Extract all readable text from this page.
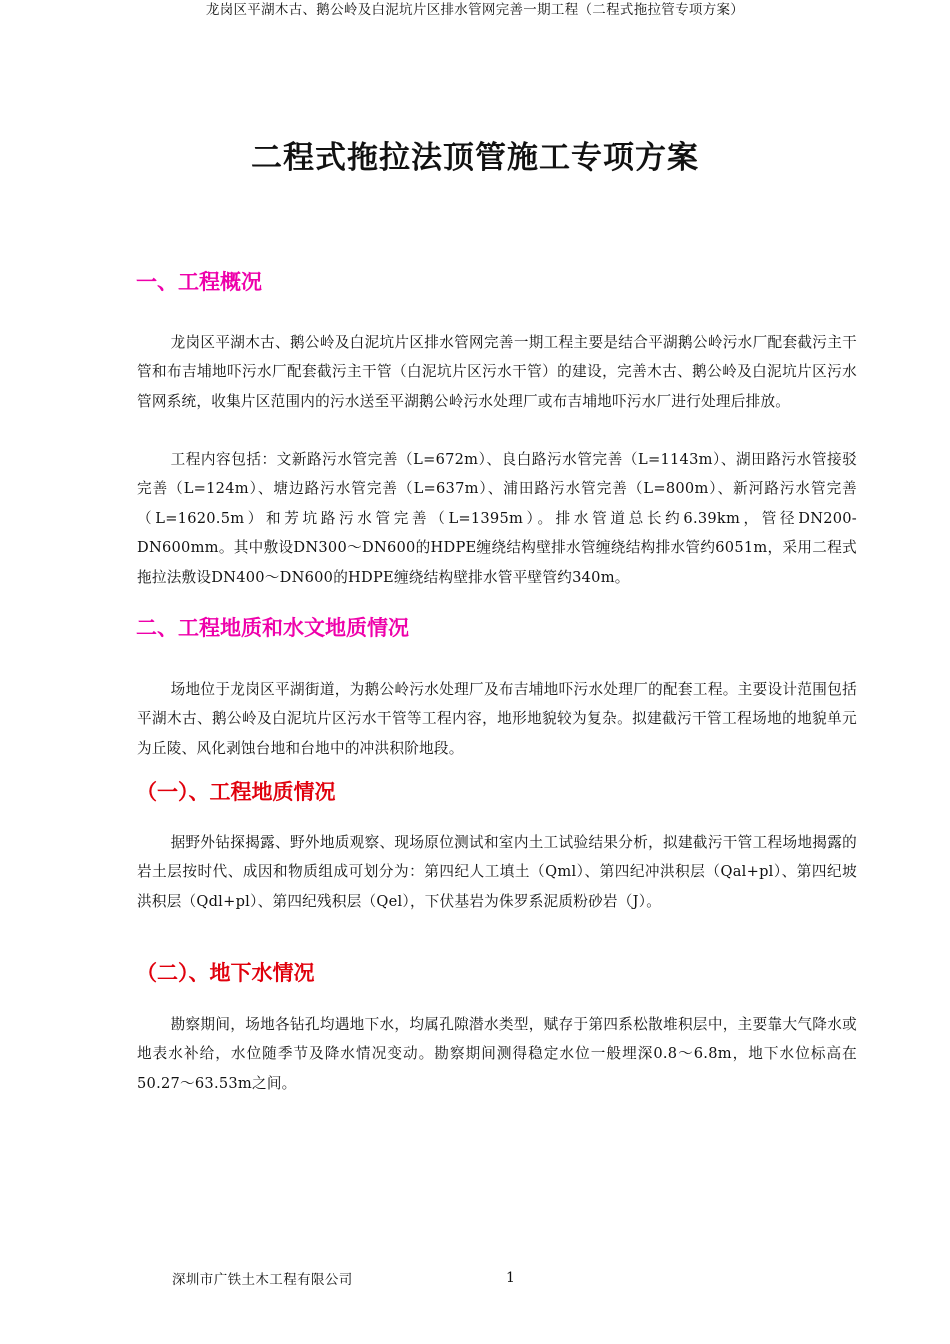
龙岗区平湖木古、鹅公岭及白泥坑片区排水管网完善一期工程（二程式拖拉管专项方案）
二程式拖拉法顶管施工专项方案
一、工程概况

龙岗区平湖木古、鹅公岭及白泥坑片区排水管网完善一期工程主要是结合平湖鹅公岭污水厂配套截污主干管和布吉埔地吓污水厂配套截污主干管（白泥坑片区污水干管）的建设，完善木古、鹅公岭及白泥坑片区污水管网系统，收集片区范围内的污水送至平湖鹅公岭污水处理厂或布吉埔地吓污水厂进行处理后排放。

工程内容包括：文新路污水管完善（L=672m）、良白路污水管完善（L=1143m）、湖田路污水管接驳完善（L=124m）、塘边路污水管完善（L=637m）、浦田路污水管完善（L=800m）、新河路污水管完善（L=1620.5m）和芳坑路污水管完善（L=1395m）。排水管道总长约6.39km，管径DN200-DN600mm。其中敷设DN300～DN600的HDPE缠绕结构壁排水管缠绕结构排水管约6051m，采用二程式拖拉法敷设DN400～DN600的HDPE缠绕结构壁排水管平壁管约340m。

二、工程地质和水文地质情况

场地位于龙岗区平湖街道，为鹅公岭污水处理厂及布吉埔地吓污水处理厂的配套工程。主要设计范围包括平湖木古、鹅公岭及白泥坑片区污水干管等工程内容，地形地貌较为复杂。拟建截污干管工程场地的地貌单元为丘陵、风化剥蚀台地和台地中的冲洪积阶地段。

（一）、工程地质情况

据野外钻探揭露、野外地质观察、现场原位测试和室内土工试验结果分析，拟建截污干管工程场地揭露的岩土层按时代、成因和物质组成可划分为：第四纪人工填土（Qml）、第四纪冲洪积层（Qal+pl）、第四纪坡洪积层（Qdl+pl）、第四纪残积层（Qel），下伏基岩为侏罗系泥质粉砂岩（J）。

（二）、地下水情况

勘察期间，场地各钻孔均遇地下水，均属孔隙潜水类型，赋存于第四系松散堆积层中，主要靠大气降水或地表水补给，水位随季节及降水情况变动。勘察期间测得稳定水位一般埋深0.8～6.8m，地下水位标高在50.27～63.53m之间。

深圳市广铁土木工程有限公司	1
